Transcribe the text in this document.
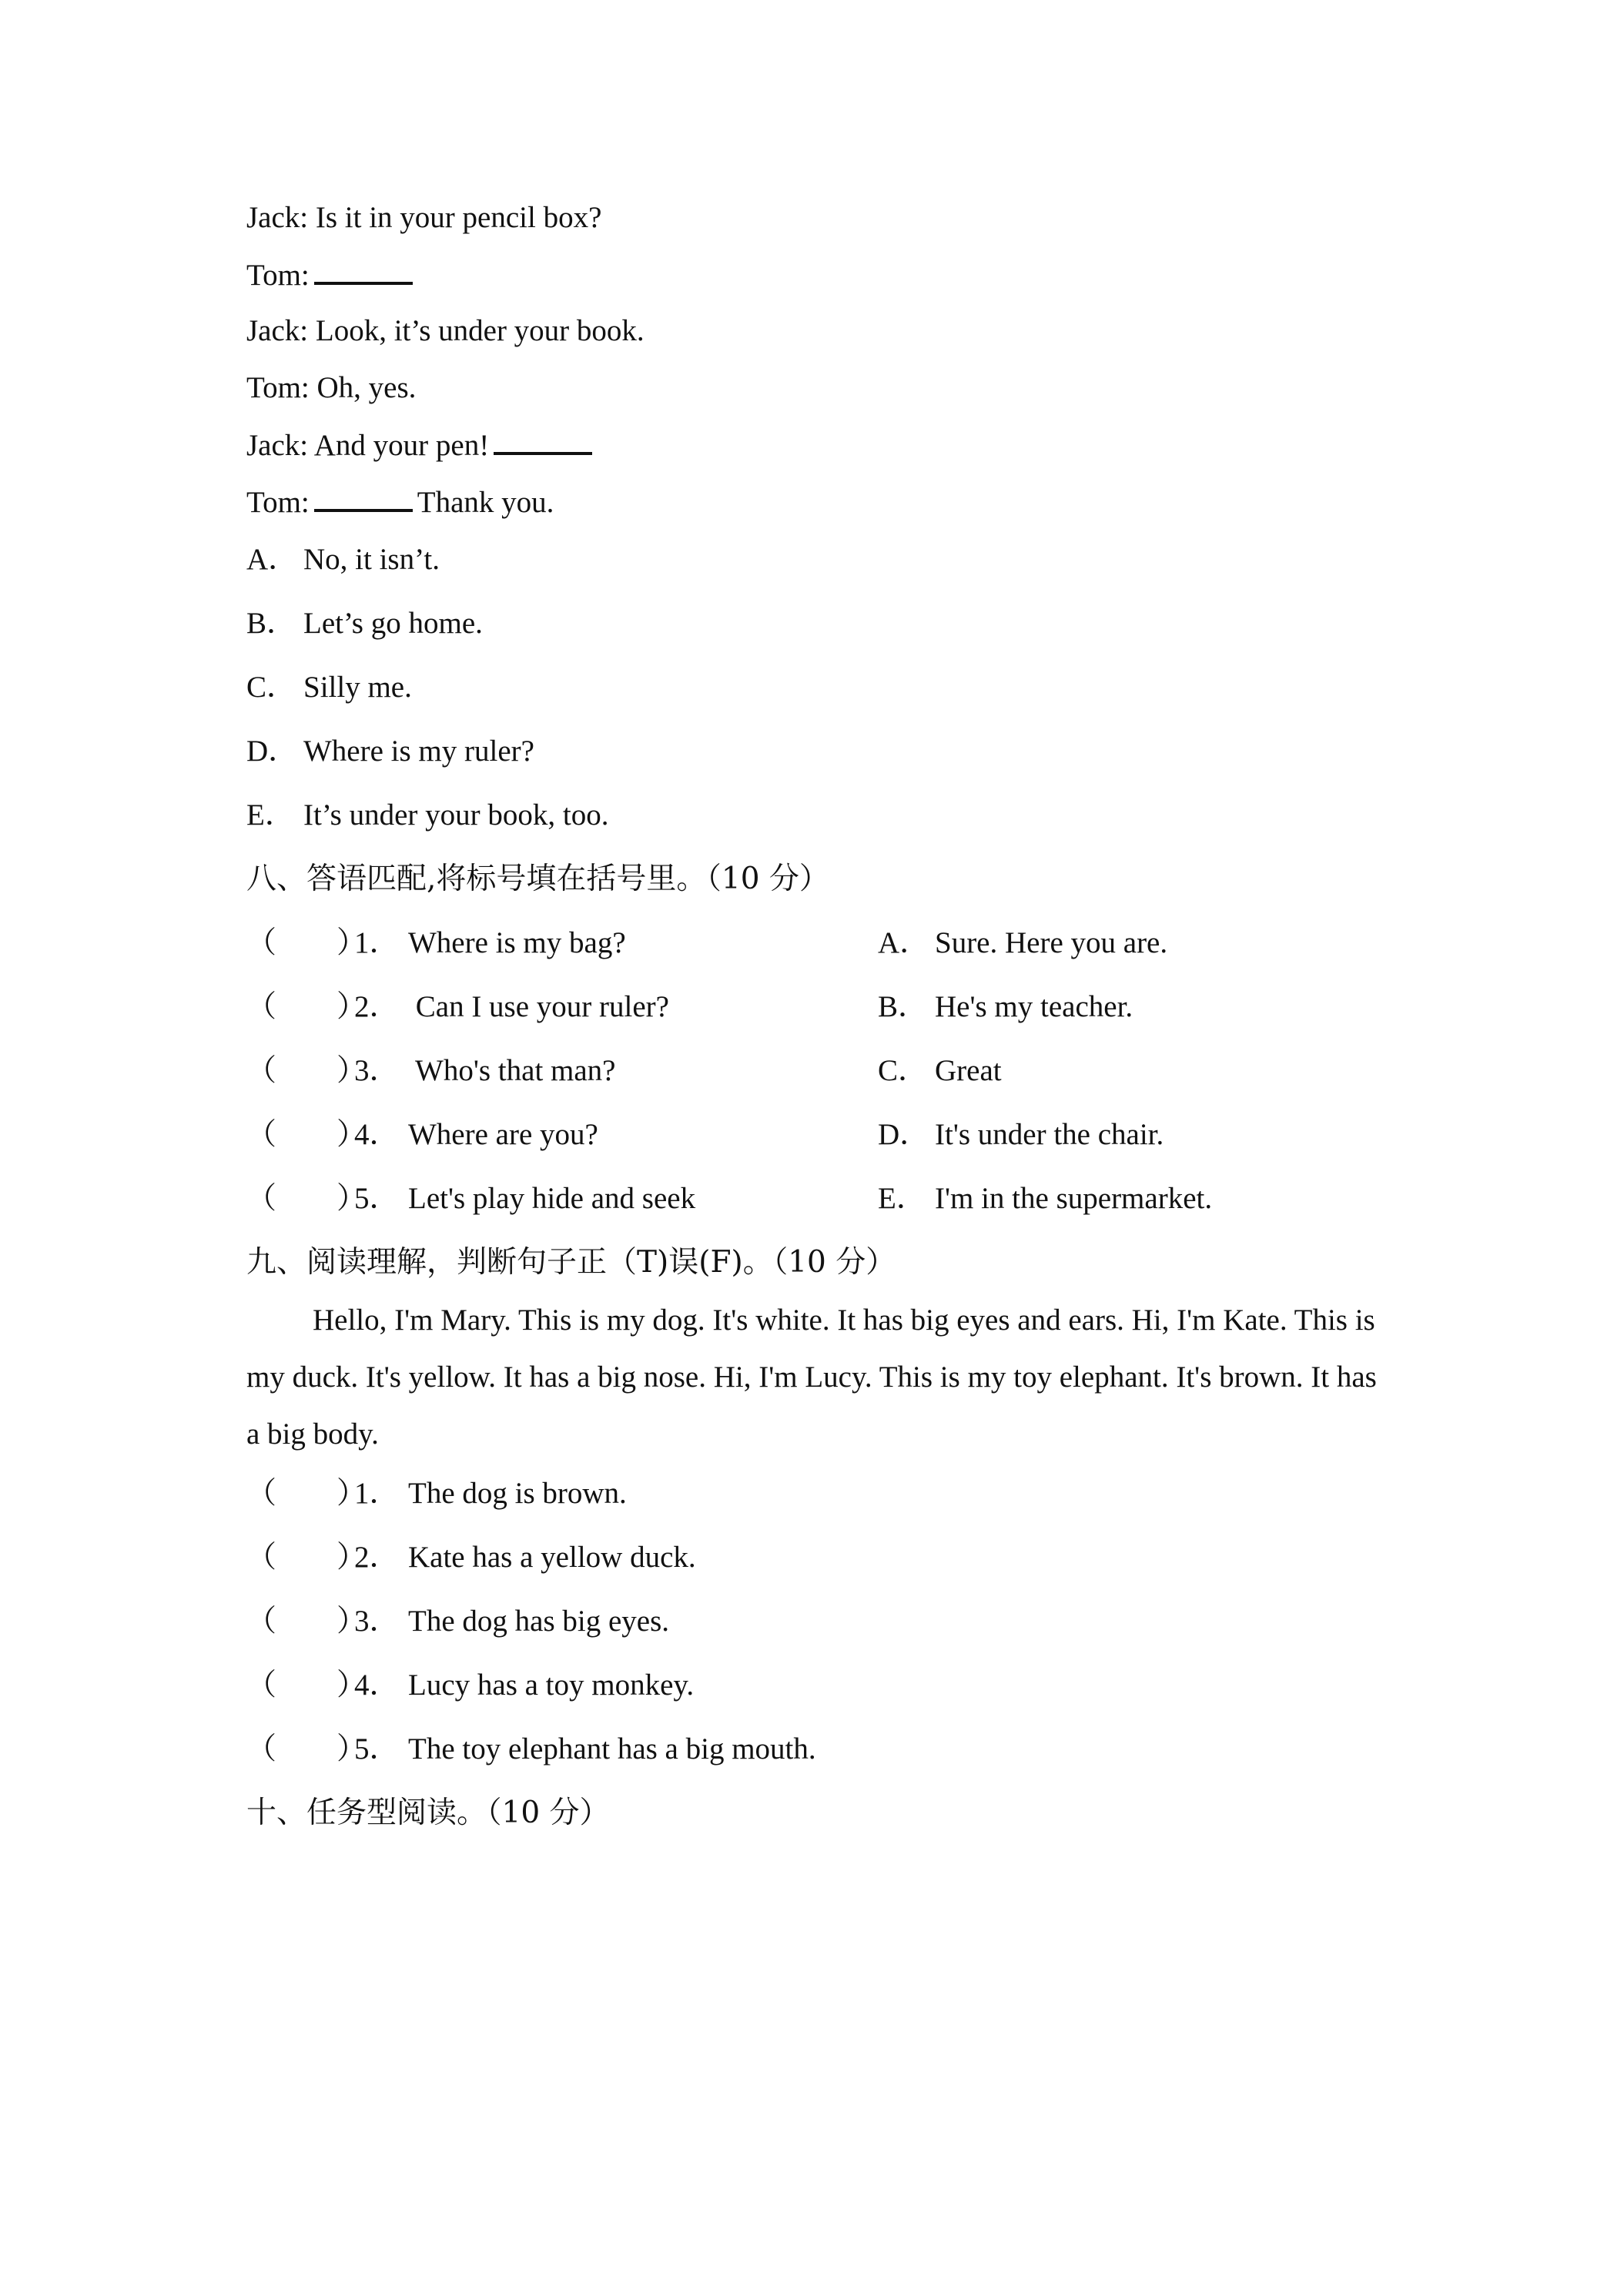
Jack: Is it in your pencil box?
Tom:
Jack: Look, it’s under your book.
Tom: Oh, yes.
Jack: And your pen!
Tom:	Thank you.
A． No, it isn’t.
B． Let’s go home.
C． Silly me.
D． Where is my ruler?
E． It’s under your book, too.
八、答语匹配,将标号填在括号里。（10 分）
（　　）1． Where is my bag?	A． Sure. Here you are.
（　　）2． Can I use your ruler?	B． He's my teacher.
（　　）3． Who's that man?	C． Great
（　　）4． Where are you?	D． It's under the chair.
（　　）5． Let's play hide and seek	E． I'm in the supermarket.
九、阅读理解，判断句子正（T)误(F)。（10 分）
Hello, I'm Mary. This is my dog. It's white. It has big eyes and ears. Hi, I'm Kate. This is my duck. It's yellow. It has a big nose. Hi, I'm Lucy. This is my toy elephant. It's brown. It has a big body.
（　　）1． The dog is brown.
（　　）2． Kate has a yellow duck.
（　　）3． The dog has big eyes.
（　　）4． Lucy has a toy monkey.
（　　）5． The toy elephant has a big mouth.
十、任务型阅读。（10 分）
